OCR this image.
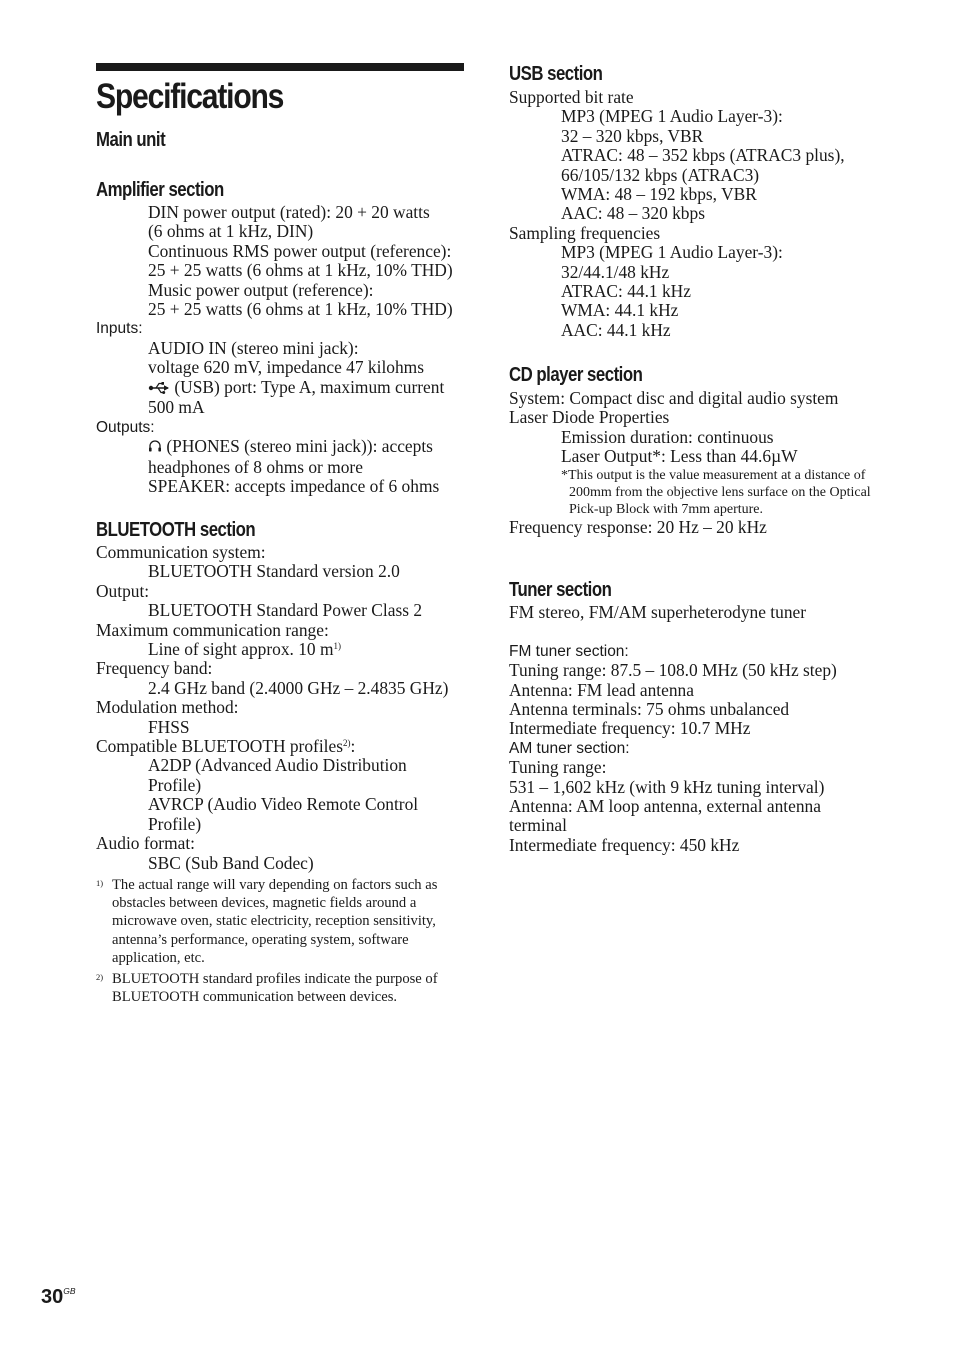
Specifications
Main unit
Amplifier section
DIN power output (rated): 20 + 20 watts
(6 ohms at 1 kHz, DIN)
Continuous RMS power output (reference):
25 + 25 watts (6 ohms at 1 kHz, 10% THD)
Music power output (reference):
25 + 25 watts (6 ohms at 1 kHz, 10% THD)
Inputs:
AUDIO IN (stereo mini jack):
voltage 620 mV, impedance 47 kilohms
(USB) port: Type A, maximum current
500 mA
Outputs:
(PHONES (stereo mini jack)): accepts
headphones of 8 ohms or more
SPEAKER: accepts impedance of 6 ohms
BLUETOOTH section
Communication system:
BLUETOOTH Standard version 2.0
Output:
BLUETOOTH Standard Power Class 2
Maximum communication range:
Line of sight approx. 10 $m^{1)}$
Frequency band:
2.4 GHz band (2.4000 GHz – 2.4835 GHz)
Modulation method:
FHSS
Compatible BLUETOOTH profiles$^{2)}$:
A2DP (Advanced Audio Distribution
Profile)
AVRCP (Audio Video Remote Control
Profile)
Audio format:
SBC (Sub Band Codec)
1) The actual range will vary depending on factors such as obstacles between devices, magnetic fields around a microwave oven, static electricity, reception sensitivity, antenna’s performance, operating system, software application, etc.
2) BLUETOOTH standard profiles indicate the purpose of BLUETOOTH communication between devices.
USB section
Supported bit rate
MP3 (MPEG 1 Audio Layer-3):
32 – 320 kbps, VBR
ATRAC: 48 – 352 kbps (ATRAC3 plus),
66/105/132 kbps (ATRAC3)
WMA: 48 – 192 kbps, VBR
AAC: 48 – 320 kbps
Sampling frequencies
MP3 (MPEG 1 Audio Layer-3):
32/44.1/48 kHz
ATRAC: 44.1 kHz
WMA: 44.1 kHz
AAC: 44.1 kHz
CD player section
System: Compact disc and digital audio system
Laser Diode Properties
Emission duration: continuous
Laser Output*: Less than 44.6µW
*This output is the value measurement at a distance of 200mm from the objective lens surface on the Optical Pick-up Block with 7mm aperture.
Frequency response: 20 Hz – 20 kHz
Tuner section
FM stereo, FM/AM superheterodyne tuner
FM tuner section:
Tuning range: 87.5 – 108.0 MHz (50 kHz step)
Antenna: FM lead antenna
Antenna terminals: 75 ohms unbalanced
Intermediate frequency: 10.7 MHz
AM tuner section:
Tuning range:
531 – 1,602 kHz (with 9 kHz tuning interval)
Antenna: AM loop antenna, external antenna
terminal
Intermediate frequency: 450 kHz
$30^{GB}$
